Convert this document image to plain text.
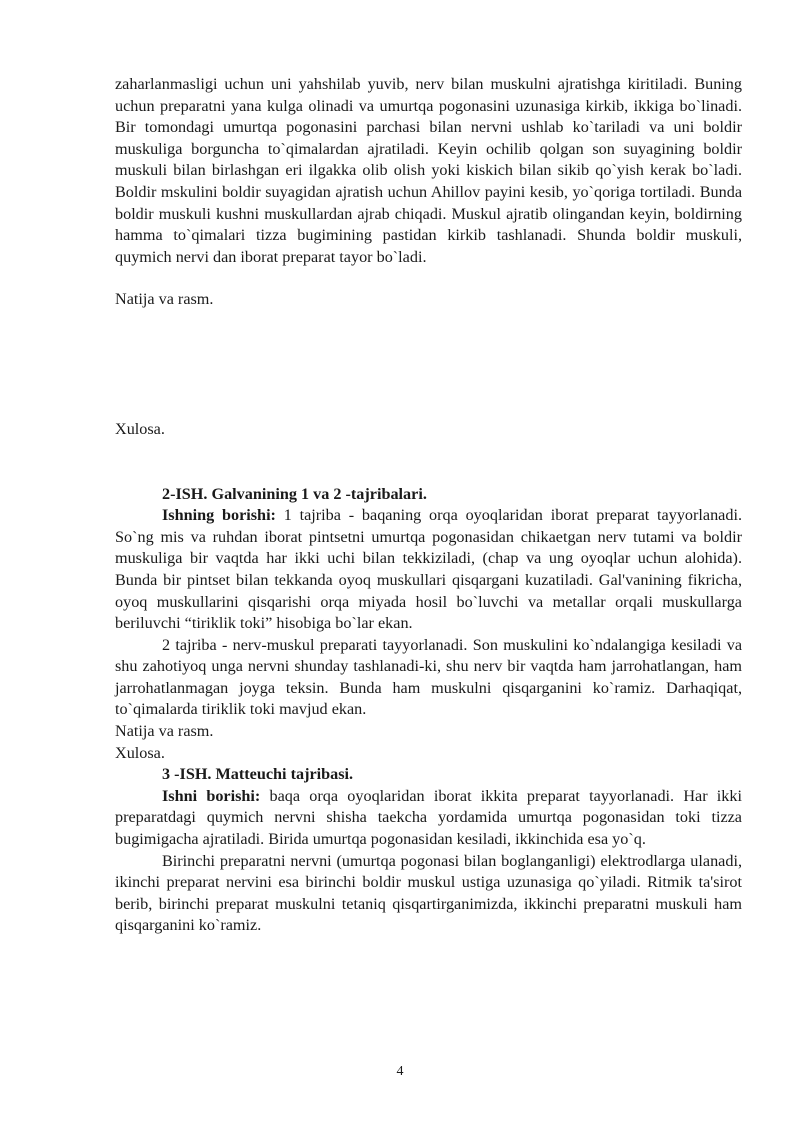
zaharlanmasligi uchun uni yahshilab yuvib, nerv bilan muskulni ajratishga kiritiladi. Buning uchun preparatni yana kulga olinadi va umurtqa pogonasini uzunasiga kirkib, ikkiga bo`linadi. Bir tomondagi umurtqa pogonasini parchasi bilan nervni ushlab ko`tariladi va uni boldir muskuliga borguncha to`qimalardan ajratiladi. Keyin ochilib qolgan son suyagining boldir muskuli bilan birlashgan eri ilgakka olib olish yoki kiskich bilan sikib qo`yish kerak bo`ladi. Boldir mskulini boldir suyagidan ajratish uchun Ahillov payini kesib, yo`qoriga tortiladi. Bunda boldir muskuli kushni muskullardan ajrab chiqadi. Muskul ajratib olingandan keyin, boldirning hamma to`qimalari tizza bugimining pastidan kirkib tashlanadi. Shunda boldir muskuli, quymich nervi dan iborat preparat tayor bo`ladi.

Natija va rasm.

Xulosa.

2-ISH. Galvanining 1 va 2 -tajribalari.

Ishning borishi: 1 tajriba - baqaning orqa oyoqlaridan iborat preparat tayyorlanadi. So`ng mis va ruhdan iborat pintsetni umurtqa pogonasidan chikaetgan nerv tutami va boldir muskuliga bir vaqtda har ikki uchi bilan tekkiziladi, (chap va ung oyoqlar uchun alohida). Bunda bir pintset bilan tekkanda oyoq muskullari qisqargani kuzatiladi. Gal'vanining fikricha, oyoq muskullarini qisqarishi orqa miyada hosil bo`luvchi va metallar orqali muskullarga beriluvchi “tiriklik toki” hisobiga bo`lar ekan.

2 tajriba - nerv-muskul preparati tayyorlanadi. Son muskulini ko`ndalangiga kesiladi va shu zahotiyoq unga nervni shunday tashlanadi-ki, shu nerv bir vaqtda ham jarrohatlangan, ham jarrohatlanmagan joyga teksin. Bunda ham muskulni qisqarganini ko`ramiz. Darhaqiqat, to`qimalarda tiriklik toki mavjud ekan.

Natija va rasm.

Xulosa.

3 -ISH. Matteuchi tajribasi.

Ishni borishi: baqa orqa oyoqlaridan iborat ikkita preparat tayyorlanadi. Har ikki preparatdagi quymich nervni shisha taekcha yordamida umurtqa pogonasidan toki tizza bugimigacha ajratiladi. Birida umurtqa pogonasidan kesiladi, ikkinchida esa yo`q.

Birinchi preparatni nervni (umurtqa pogonasi bilan boglanganligi) elektrodlarga ulanadi, ikinchi preparat nervini esa birinchi boldir muskul ustiga uzunasiga qo`yiladi. Ritmik ta'sirot berib, birinchi preparat muskulni tetaniq qisqartirganimizda, ikkinchi preparatni muskuli ham qisqarganini ko`ramiz.

4
